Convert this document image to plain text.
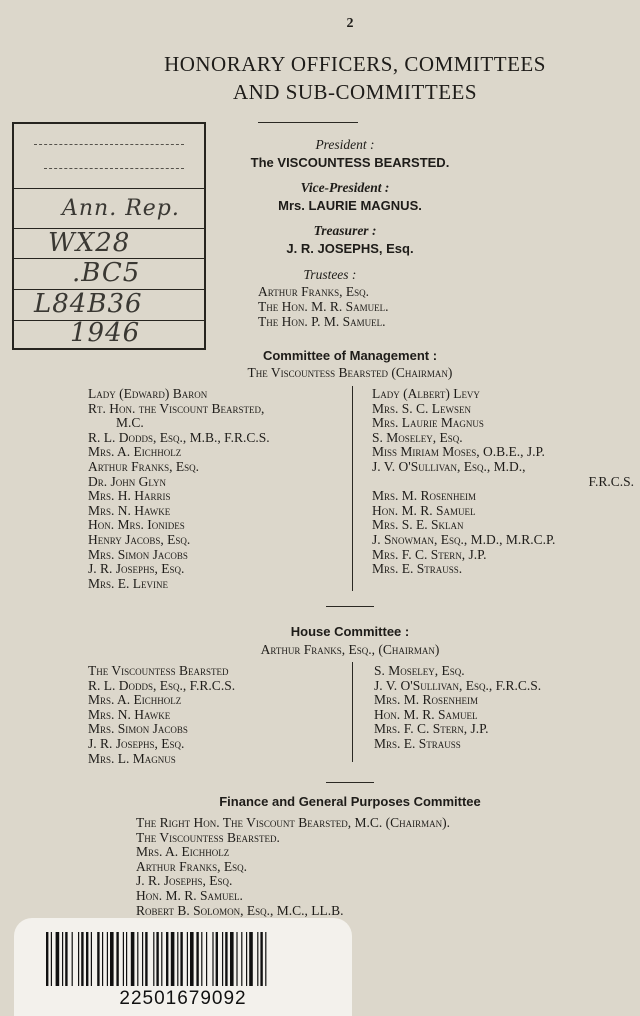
2
HONORARY OFFICERS, COMMITTEES
AND SUB-COMMITTEES
Ann. Rep.
WX28
.BC5
L84B36
1946
President :
The VISCOUNTESS BEARSTED.
Vice-President :
Mrs. LAURIE MAGNUS.
Treasurer :
J. R. JOSEPHS, Esq.
Trustees :
Arthur Franks, Esq.
The Hon. M. R. Samuel.
The Hon. P. M. Samuel.
Committee of Management :
The Viscountess Bearsted (Chairman)
Lady (Edward) Baron
Rt. Hon. the Viscount Bearsted,
M.C.
R. L. Dodds, Esq., M.B., F.R.C.S.
Mrs. A. Eichholz
Arthur Franks, Esq.
Dr. John Glyn
Mrs. H. Harris
Mrs. N. Hawke
Hon. Mrs. Ionides
Henry Jacobs, Esq.
Mrs. Simon Jacobs
J. R. Josephs, Esq.
Mrs. E. Levine
Lady (Albert) Levy
Mrs. S. C. Lewsen
Mrs. Laurie Magnus
S. Moseley, Esq.
Miss Miriam Moses, O.B.E., J.P.
J. V. O'Sullivan, Esq., M.D.,
F.R.C.S.
Mrs. M. Rosenheim
Hon. M. R. Samuel
Mrs. S. E. Sklan
J. Snowman, Esq., M.D., M.R.C.P.
Mrs. F. C. Stern, J.P.
Mrs. E. Strauss.
House Committee :
Arthur Franks, Esq., (Chairman)
The Viscountess Bearsted
R. L. Dodds, Esq., F.R.C.S.
Mrs. A. Eichholz
Mrs. N. Hawke
Mrs. Simon Jacobs
J. R. Josephs, Esq.
Mrs. L. Magnus
S. Moseley, Esq.
J. V. O'Sullivan, Esq., F.R.C.S.
Mrs. M. Rosenheim
Hon. M. R. Samuel
Mrs. F. C. Stern, J.P.
Mrs. E. Strauss
Finance and General Purposes Committee
The Right Hon. The Viscount Bearsted, M.C. (Chairman).
The Viscountess Bearsted.
Mrs. A. Eichholz
Arthur Franks, Esq.
J. R. Josephs, Esq.
Hon. M. R. Samuel.
Robert B. Solomon, Esq., M.C., LL.B.
22501679092
